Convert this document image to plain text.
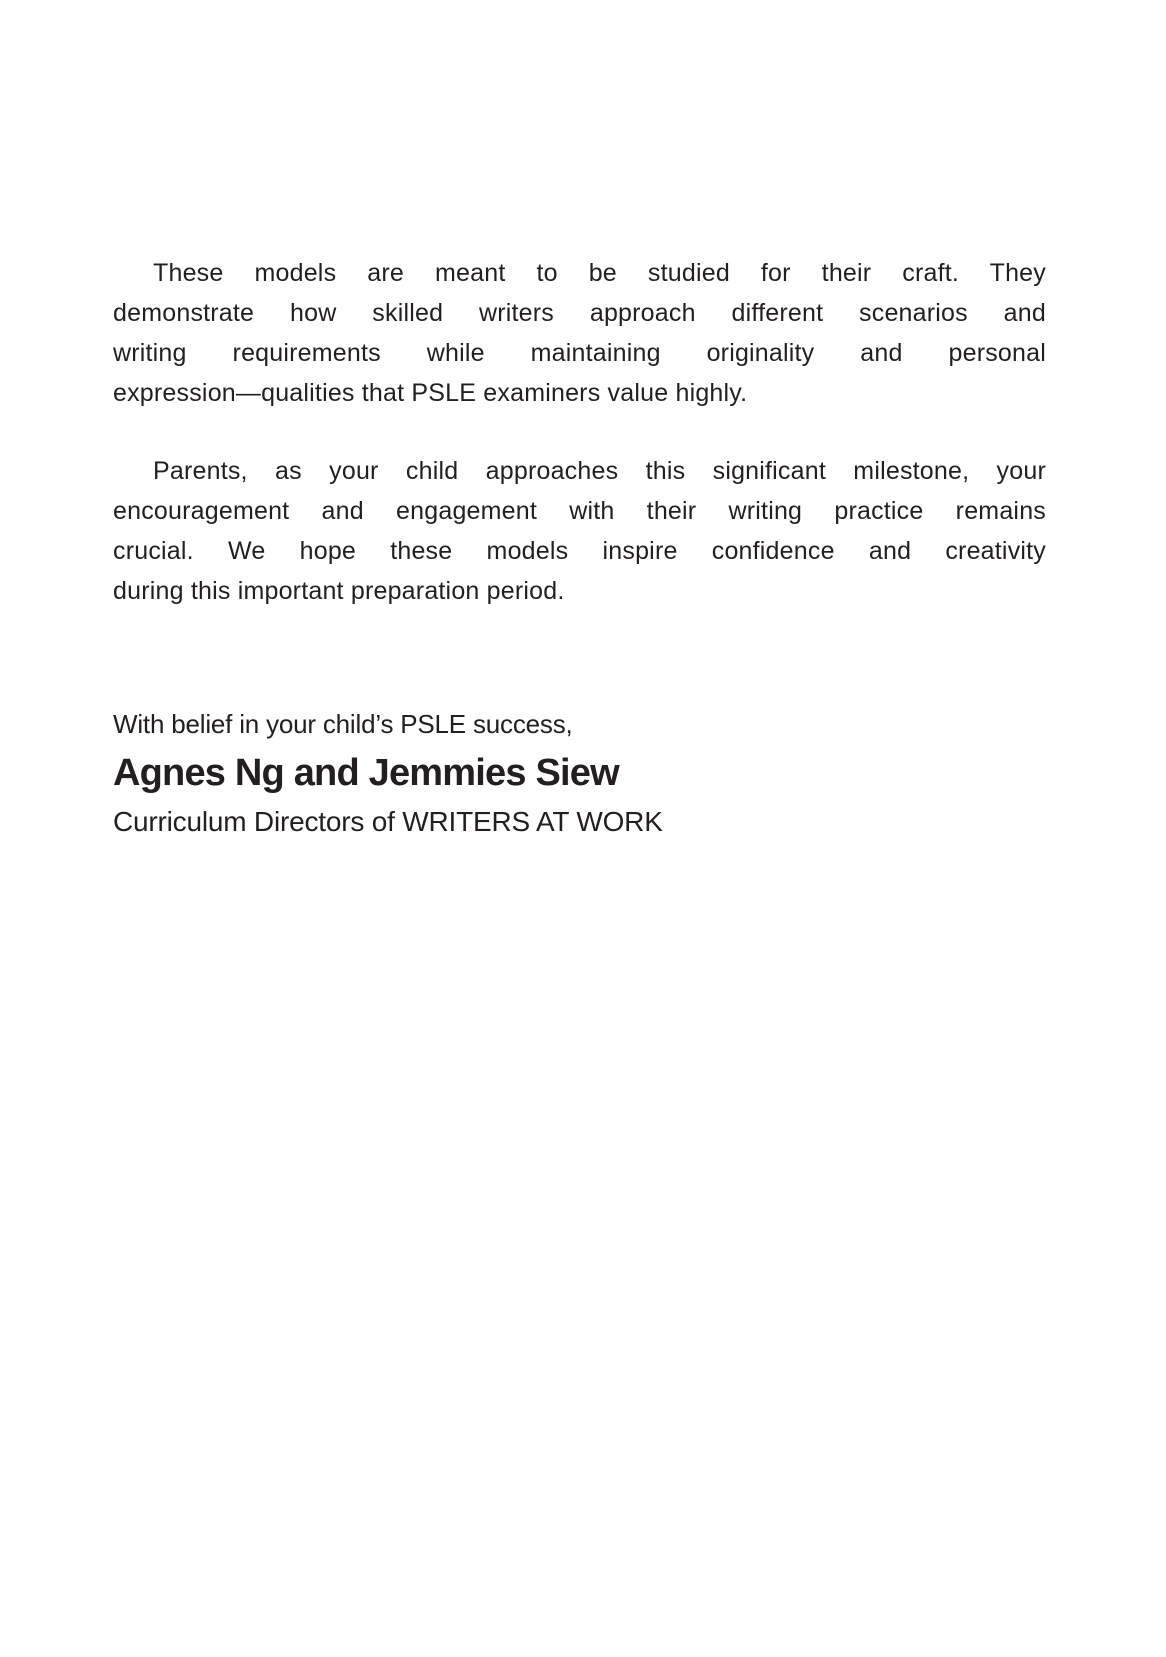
These models are meant to be studied for their craft. They
demonstrate how skilled writers approach different scenarios and
writing requirements while maintaining originality and personal
expression—qualities that PSLE examiners value highly.
Parents, as your child approaches this significant milestone, your
encouragement and engagement with their writing practice remains
crucial. We hope these models inspire confidence and creativity
during this important preparation period.
With belief in your child’s PSLE success,
Agnes Ng and Jemmies Siew
Curriculum Directors of WRITERS AT WORK
